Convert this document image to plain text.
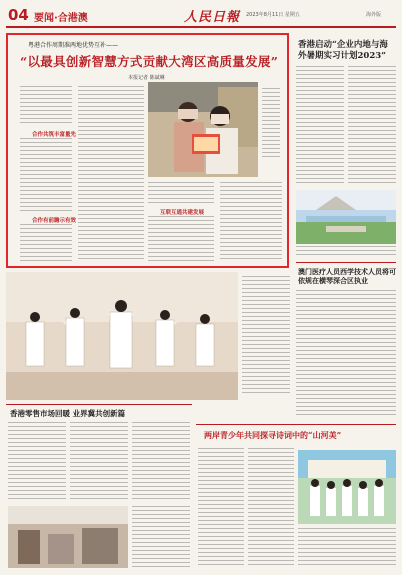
04 要闻·合港澳	人民日報 2023年8月11日 星期五	海外版
粤港合作周期准两地优势互补——
“以最具创新智慧方式贡献大湾区高质量发展”
本报记者 陈斌琳
合作共筑丰富量先
合作有前瞻示有效
互联互通共建发展
香港启动“企业内地与海外暑期实习计划2023”
澳门医疗人员西学技术人员将可依规在横琴深合区执业
香港零售市场回暖 业界冀共创新篇
两岸青少年共同探寻诗词中的“山河美”
